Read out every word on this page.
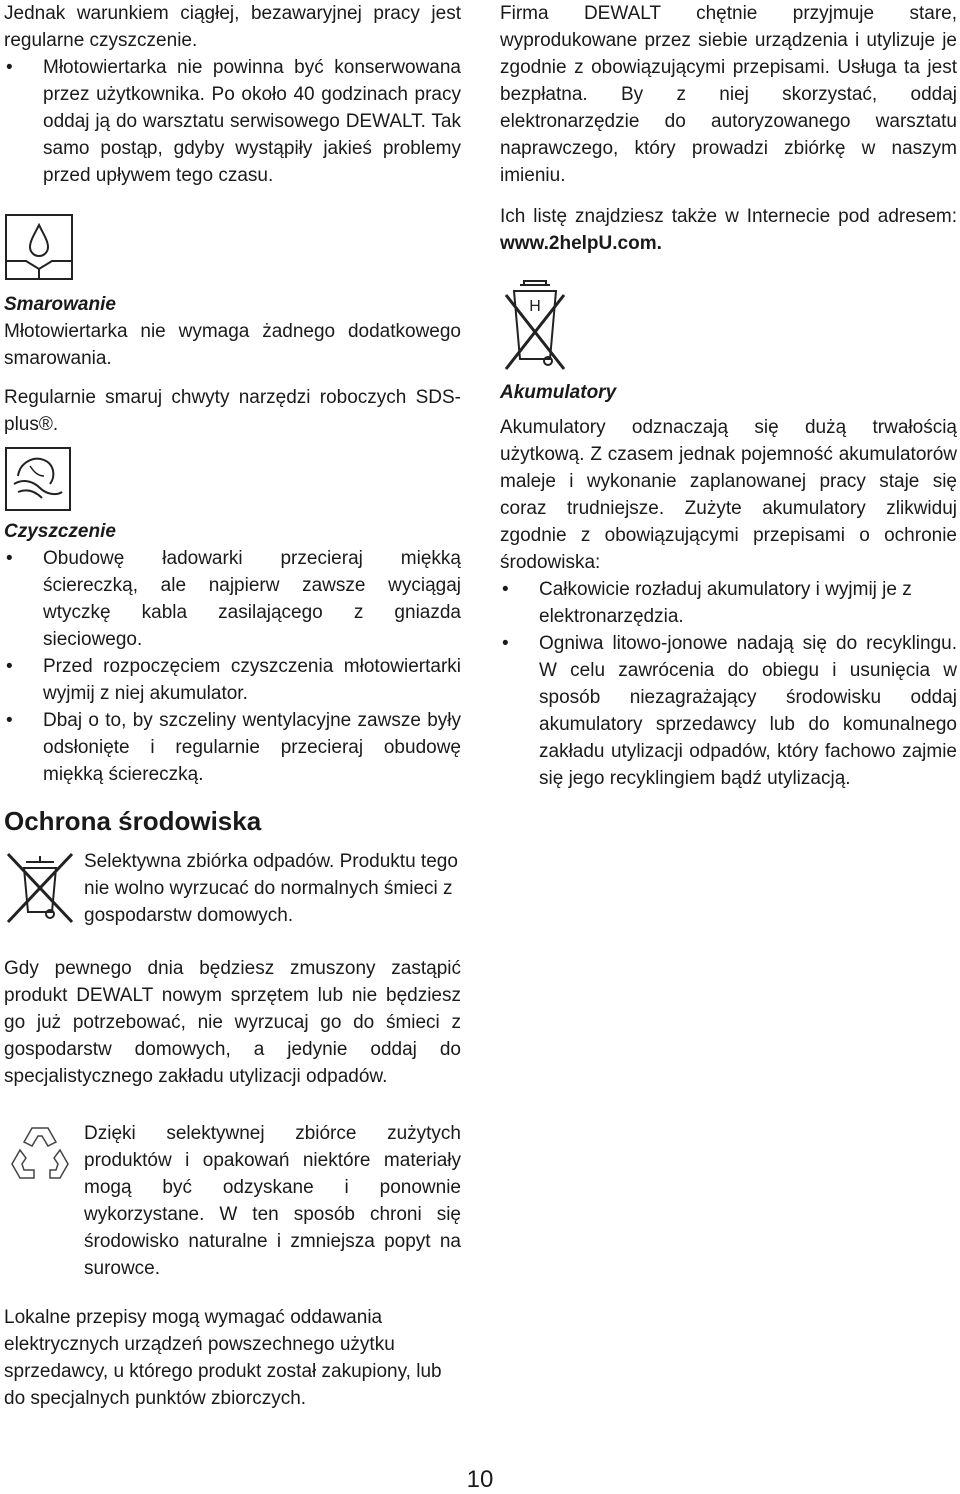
Jednak warunkiem ciągłej, bezawaryjnej pracy jest regularne czyszczenie.

• Młotowiertarka nie powinna być konserwowana przez użytkownika. Po około 40 godzinach pracy oddaj ją do warsztatu serwisowego DEWALT. Tak samo postąp, gdyby wystąpiły jakieś problemy przed upływem tego czasu.

Smarowanie

Młotowiertarka nie wymaga żadnego dodatkowego smarowania.

Regularnie smaruj chwyty narzędzi roboczych SDS-plus®.

Czyszczenie

• Obudowę ładowarki przecieraj miękką ściereczką, ale najpierw zawsze wyciągaj wtyczkę kabla zasilającego z gniazda sieciowego.
• Przed rozpoczęciem czyszczenia młotowiertarki wyjmij z niej akumulator.
• Dbaj o to, by szczeliny wentylacyjne zawsze były odsłonięte i regularnie przecieraj obudowę miękką ściereczką.
Ochrona środowiska

Selektywna zbiórka odpadów. Produktu tego nie wolno wyrzucać do normalnych śmieci z gospodarstw domowych.

Gdy pewnego dnia będziesz zmuszony zastąpić produkt DEWALT nowym sprzętem lub nie będziesz go już potrzebować, nie wyrzucaj go do śmieci z gospodarstw domowych, a jedynie oddaj do specjalistycznego zakładu utylizacji odpadów.

Dzięki selektywnej zbiórce zużytych produktów i opakowań niektóre materiały mogą być odzyskane i ponownie wykorzystane. W ten sposób chroni się środowisko naturalne i zmniejsza popyt na surowce.

Lokalne przepisy mogą wymagać oddawania elektrycznych urządzeń powszechnego użytku sprzedawcy, u którego produkt został zakupiony, lub do specjalnych punktów zbiorczych.

Firma DEWALT chętnie przyjmuje stare, wyprodukowane przez siebie urządzenia i utylizuje je zgodnie z obowiązującymi przepisami. Usługa ta jest bezpłatna. By z niej skorzystać, oddaj elektronarzędzie do autoryzowanego warsztatu naprawczego, który prowadzi zbiórkę w naszym imieniu.

Ich listę znajdziesz także w Internecie pod adresem: www.2helpU.com.

H

Akumulatory

Akumulatory odznaczają się dużą trwałością użytkową. Z czasem jednak pojemność akumulatorów maleje i wykonanie zaplanowanej pracy staje się coraz trudniejsze. Zużyte akumulatory zlikwiduj zgodnie z obowiązującymi przepisami o ochronie środowiska:

• Całkowicie rozładuj akumulatory i wyjmij je z elektronarzędzia.
• Ogniwa litowo-jonowe nadają się do recyklingu. W celu zawrócenia do obiegu i usunięcia w sposób niezagrażający środowisku oddaj akumulatory sprzedawcy lub do komunalnego zakładu utylizacji odpadów, który fachowo zajmie się jego recyklingiem bądź utylizacją.
10
